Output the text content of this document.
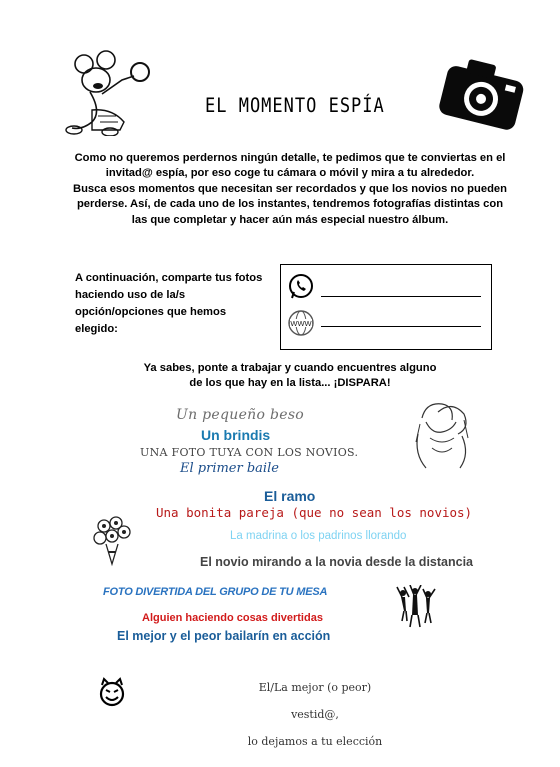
EL MOMENTO ESPÍA

Como no queremos perdernos ningún detalle, te pedimos que te conviertas en el invitad@ espía, por eso coge tu cámara o móvil y mira a tu alrededor.

Busca esos momentos que necesitan ser recordados y que los novios no pueden perderse. Así, de cada uno de los instantes, tendremos fotografías distintas con las que completar y hacer aún más especial nuestro álbum.

A continuación, comparte tus fotos haciendo uso de la/s opción/opciones que hemos elegido:	WWW
Ya sabes, ponte a trabajar y cuando encuentres alguno
de los que hay en la lista... ¡DISPARA!
Un pequeño beso
Un brindis
UNA FOTO TUYA CON LOS NOVIOS.
El primer baile
El ramo
Una bonita pareja (que no sean los novios)
La madrina o los padrinos llorando
El novio mirando a la novia desde la distancia
FOTO DIVERTIDA DEL GRUPO DE TU MESA
Alguien haciendo cosas divertidas
El mejor y el peor bailarín en acción
El/La mejor (o peor) vestid@,
lo dejamos a tu elección
